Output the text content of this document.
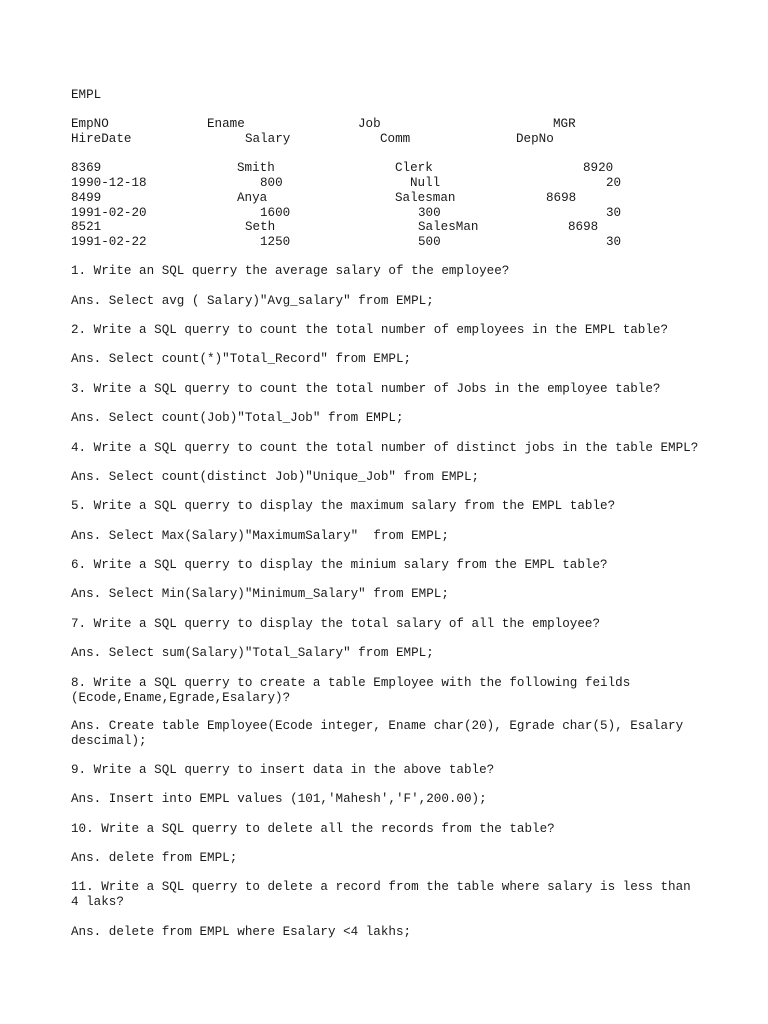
EMPL
EmpNO	Ename	Job	MGR
HireDate	Salary	Comm	DepNo
8369	Smith	Clerk	8920
1990-12-18	800	Null	20
8499	Anya	Salesman	8698
1991-02-20	1600	300	30
8521	Seth	SalesMan	8698
1991-02-22	1250	500	30
1. Write an SQL querry the average salary of the employee?
Ans. Select avg ( Salary)"Avg_salary" from EMPL;
2. Write a SQL querry to count the total number of employees in the EMPL table?
Ans. Select count(*)"Total_Record" from EMPL;
3. Write a SQL querry to count the total number of Jobs in the employee table?
Ans. Select count(Job)"Total_Job" from EMPL;
4. Write a SQL querry to count the total number of distinct jobs in the table EMPL?
Ans. Select count(distinct Job)"Unique_Job" from EMPL;
5. Write a SQL querry to display the maximum salary from the EMPL table?
Ans. Select Max(Salary)"MaximumSalary"  from EMPL;
6. Write a SQL querry to display the minium salary from the EMPL table?
Ans. Select Min(Salary)"Minimum_Salary" from EMPL;
7. Write a SQL querry to display the total salary of all the employee?
Ans. Select sum(Salary)"Total_Salary" from EMPL;
8. Write a SQL querry to create a table Employee with the following feilds
(Ecode,Ename,Egrade,Esalary)?
Ans. Create table Employee(Ecode integer, Ename char(20), Egrade char(5), Esalary
descimal);
9. Write a SQL querry to insert data in the above table?
Ans. Insert into EMPL values (101,'Mahesh','F',200.00);
10. Write a SQL querry to delete all the records from the table?
Ans. delete from EMPL;
11. Write a SQL querry to delete a record from the table where salary is less than
4 laks?
Ans. delete from EMPL where Esalary <4 lakhs;
